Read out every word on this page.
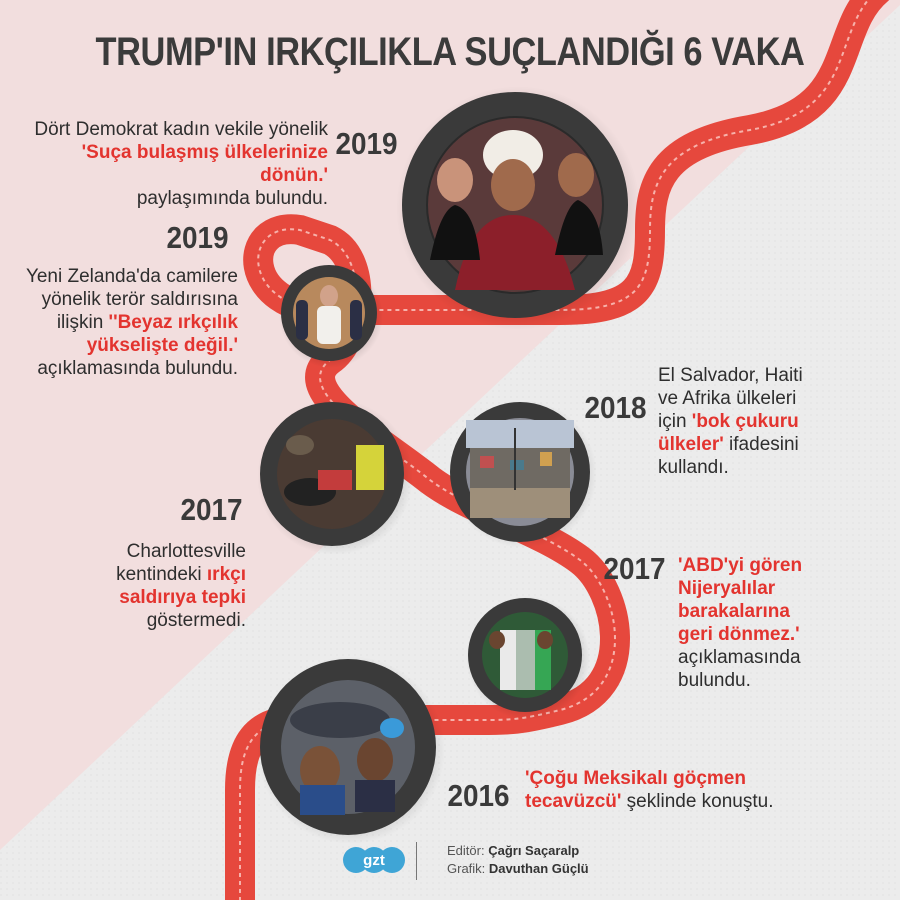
TRUMP'IN IRKÇILIKLA SUÇLANDIĞI 6 VAKA
2019
Dört Demokrat kadın vekile yönelik
'Suça bulaşmış ülkelerinize dönün.'
paylaşımında bulundu.
2019
Yeni Zelanda'da camilere
yönelik terör saldırısına
ilişkin ''Beyaz ırkçılık
yükselişte değil.'
açıklamasında bulundu.
2018
El Salvador, Haiti
ve Afrika ülkeleri
için 'bok çukuru
ülkeler' ifadesini
kullandı.
2017
Charlottesville
kentindeki ırkçı
saldırıya tepki
göstermedi.
2017 'ABD'yi gören
Nijeryalılar
barakalarına
geri dönmez.'
açıklamasında
bulundu.
2016 'Çoğu Meksikalı göçmen
tecavüzcü' şeklinde konuştu.
gzt
Editör: Çağrı Saçaralp
Grafik: Davuthan Güçlü
